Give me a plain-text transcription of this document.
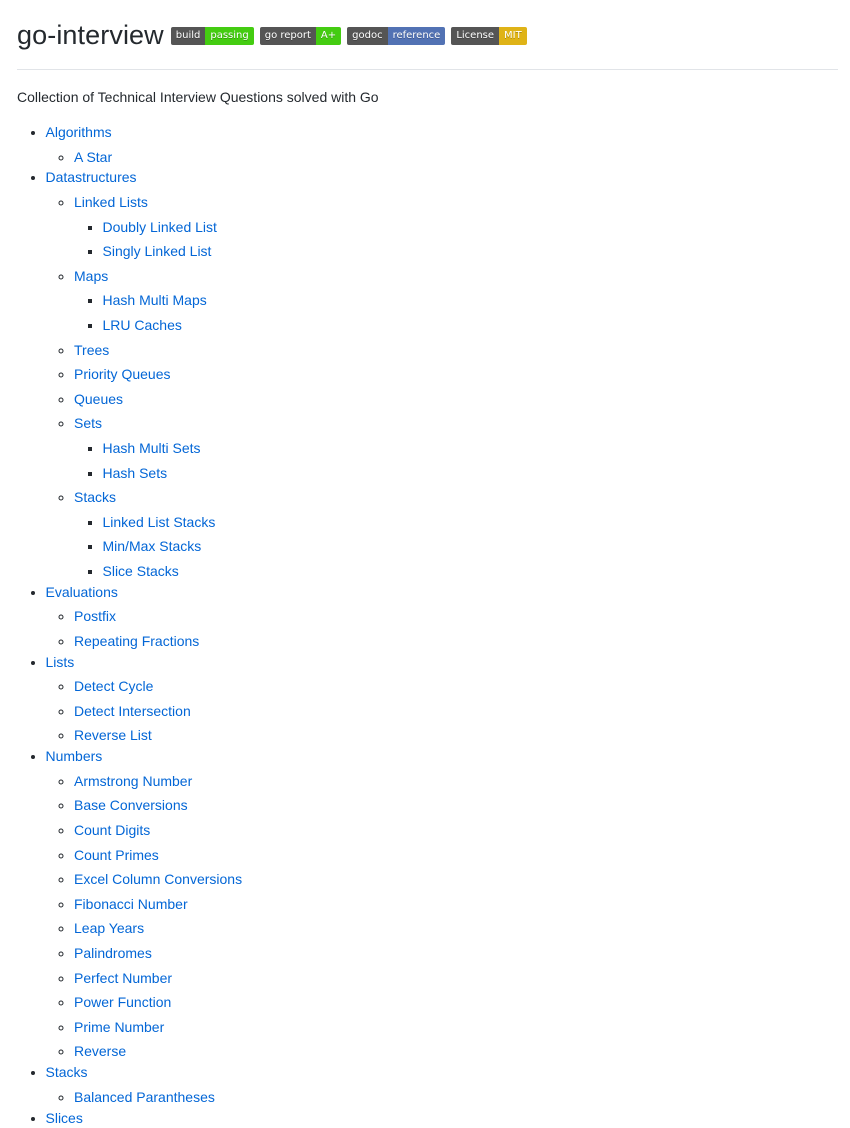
go-interview	build	passing	go report	A+	godoc	reference	License	MIT

Collection of Technical Interview Questions solved with Go

• Algorithms
◦ A Star
• Datastructures
◦ Linked Lists
▪ Doubly Linked List
▪ Singly Linked List
◦ Maps
▪ Hash Multi Maps
▪ LRU Caches
◦ Trees
◦ Priority Queues
◦ Queues
◦ Sets
▪ Hash Multi Sets
▪ Hash Sets
◦ Stacks
▪ Linked List Stacks
▪ Min/Max Stacks
▪ Slice Stacks
• Evaluations
◦ Postfix
◦ Repeating Fractions
• Lists
◦ Detect Cycle
◦ Detect Intersection
◦ Reverse List
• Numbers
◦ Armstrong Number
◦ Base Conversions
◦ Count Digits
◦ Count Primes
◦ Excel Column Conversions
◦ Fibonacci Number
◦ Leap Years
◦ Palindromes
◦ Perfect Number
◦ Power Function
◦ Prime Number
◦ Reverse
• Stacks
◦ Balanced Parantheses
• Slices
